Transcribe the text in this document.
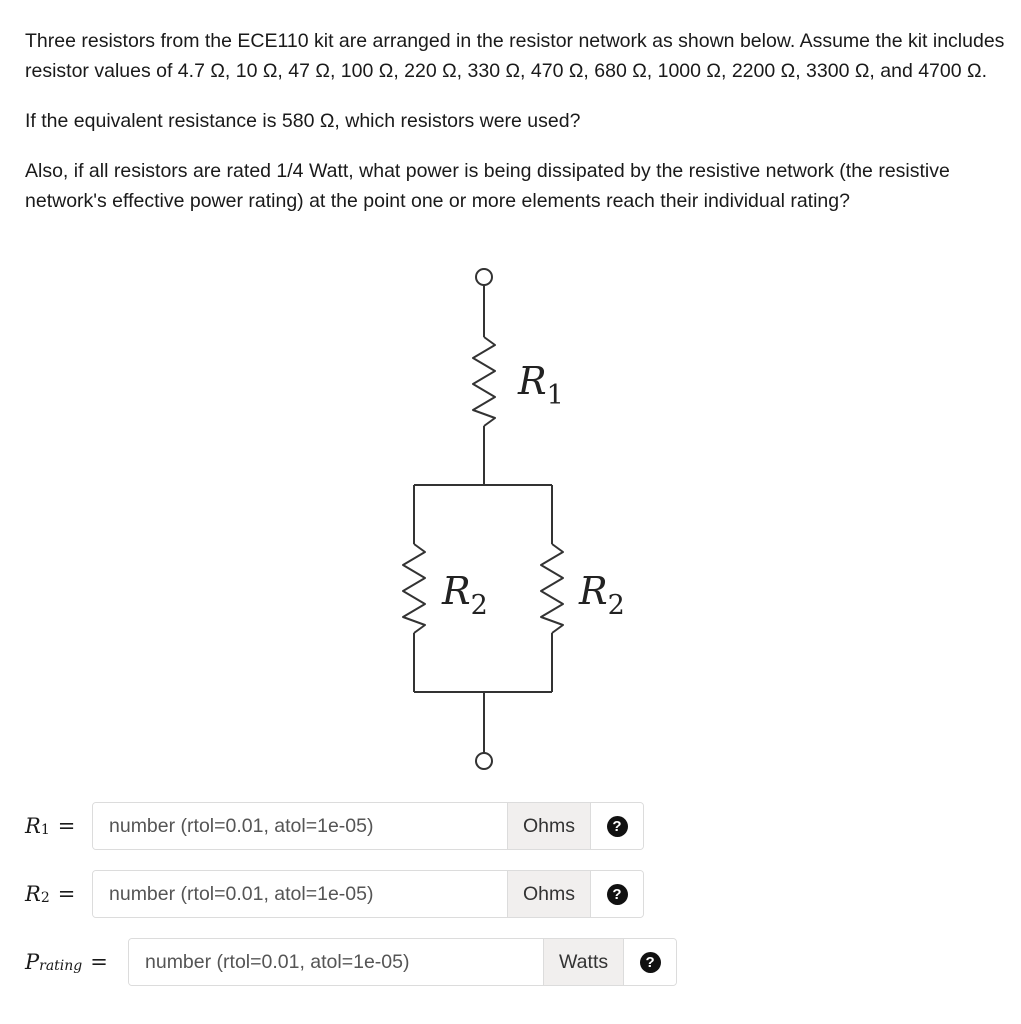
Three resistors from the ECE110 kit are arranged in the resistor network as shown below. Assume the kit includes resistor values of 4.7 Ω, 10 Ω, 47 Ω, 100 Ω, 220 Ω, 330 Ω, 470 Ω, 680 Ω, 1000 Ω, 2200 Ω, 3300 Ω, and 4700 Ω.

If the equivalent resistance is 580 Ω, which resistors were used?

Also, if all resistors are rated 1/4 Watt, what power is being dissipated by the resistive network (the resistive network's effective power rating) at the point one or more elements reach their individual rating?

$R_1$
$R_2$ $R_2$
$R_1$ =
number (rtol=0.01, atol=1e-05)	Ohms	?
$R_2$ =
number (rtol=0.01, atol=1e-05)	Ohms	?
$P_{rating}$ =
number (rtol=0.01, atol=1e-05)	Watts	?
